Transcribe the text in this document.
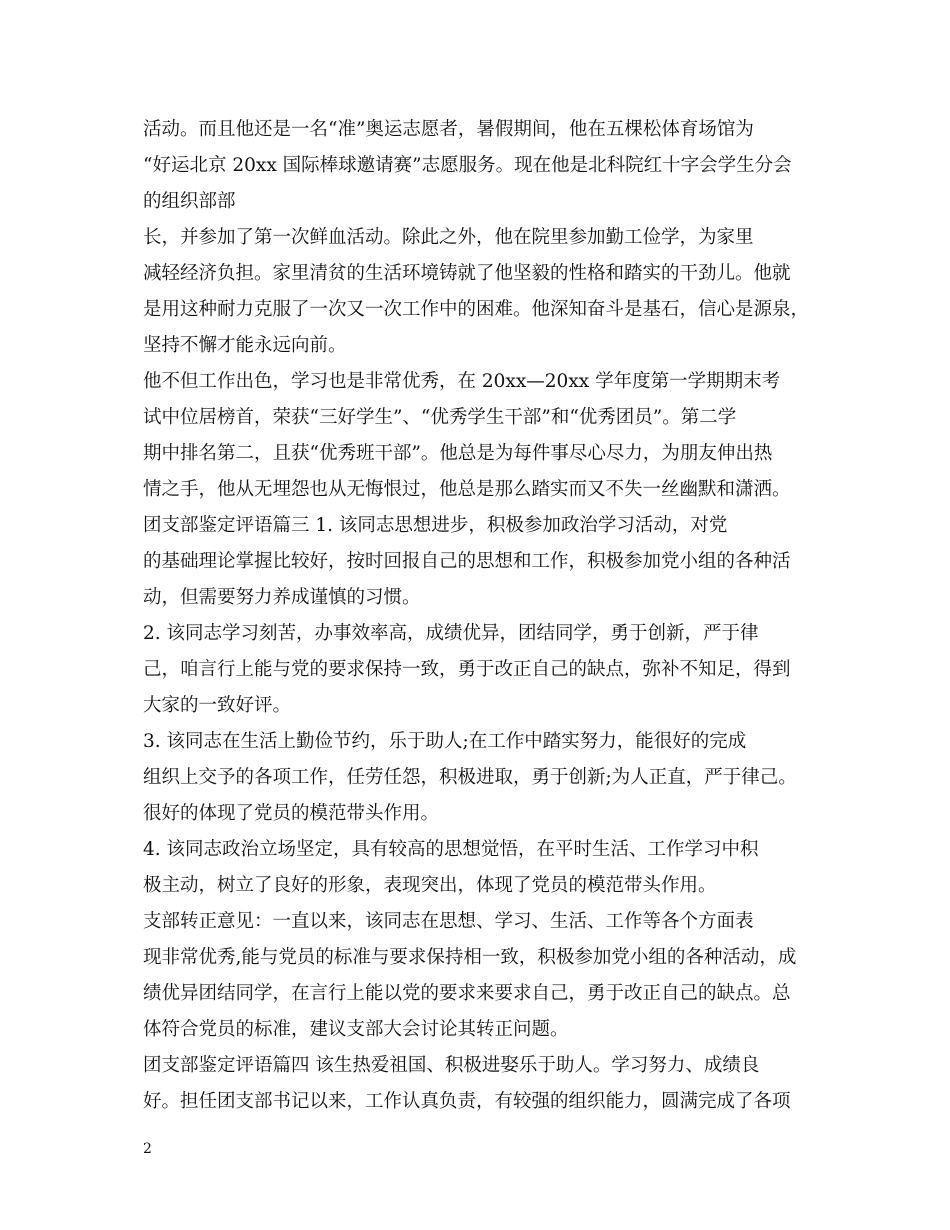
活动。而且他还是一名“准”奥运志愿者，暑假期间，他在五棵松体育场馆为
“好运北京 20xx 国际棒球邀请赛”志愿服务。现在他是北科院红十字会学生分会
的组织部部
长，并参加了第一次鲜血活动。除此之外，他在院里参加勤工俭学，为家里
减轻经济负担。家里清贫的生活环境铸就了他坚毅的性格和踏实的干劲儿。他就
是用这种耐力克服了一次又一次工作中的困难。他深知奋斗是基石，信心是源泉，
坚持不懈才能永远向前。
他不但工作出色，学习也是非常优秀，在 20xx—20xx 学年度第一学期期末考
试中位居榜首，荣获“三好学生”、“优秀学生干部”和“优秀团员”。第二学
期中排名第二，且获“优秀班干部”。他总是为每件事尽心尽力，为朋友伸出热
情之手，他从无埋怨也从无悔恨过，他总是那么踏实而又不失一丝幽默和潇洒。
团支部鉴定评语篇三 1. 该同志思想进步，积极参加政治学习活动，对党
的基础理论掌握比较好，按时回报自己的思想和工作，积极参加党小组的各种活
动，但需要努力养成谨慎的习惯。
2. 该同志学习刻苦，办事效率高，成绩优异，团结同学，勇于创新，严于律
己，咱言行上能与党的要求保持一致，勇于改正自己的缺点，弥补不知足，得到
大家的一致好评。
3. 该同志在生活上勤俭节约，乐于助人;在工作中踏实努力，能很好的完成
组织上交予的各项工作，任劳任怨，积极进取，勇于创新;为人正直，严于律己。
很好的体现了党员的模范带头作用。
4. 该同志政治立场坚定，具有较高的思想觉悟，在平时生活、工作学习中积
极主动，树立了良好的形象，表现突出，体现了党员的模范带头作用。
支部转正意见：一直以来，该同志在思想、学习、生活、工作等各个方面表
现非常优秀,能与党员的标准与要求保持相一致，积极参加党小组的各种活动，成
绩优异团结同学，在言行上能以党的要求来要求自己，勇于改正自己的缺点。总
体符合党员的标准，建议支部大会讨论其转正问题。
团支部鉴定评语篇四 该生热爱祖国、积极进娶乐于助人。学习努力、成绩良
好。担任团支部书记以来，工作认真负责，有较强的组织能力，圆满完成了各项
2
